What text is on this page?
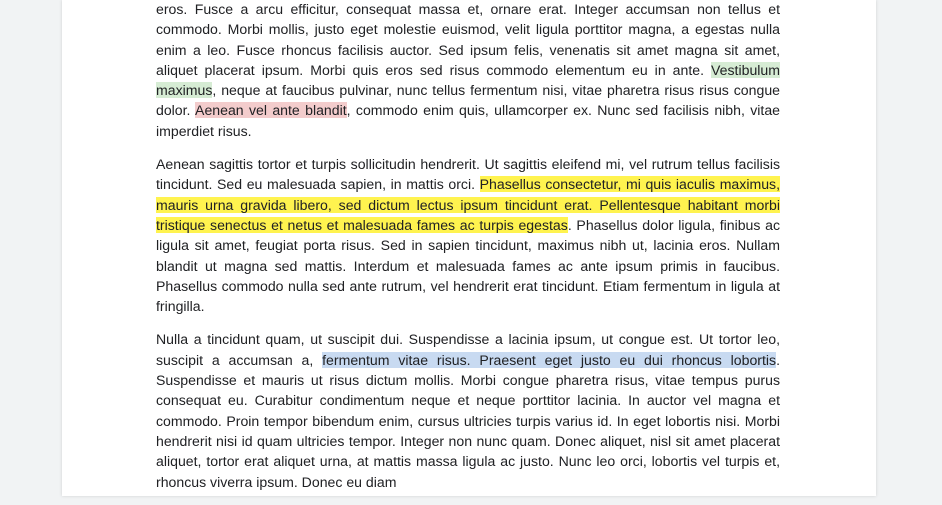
eros. Fusce a arcu efficitur, consequat massa et, ornare erat. Integer accumsan non tellus et commodo. Morbi mollis, justo eget molestie euismod, velit ligula porttitor magna, a egestas nulla enim a leo. Fusce rhoncus facilisis auctor. Sed ipsum felis, venenatis sit amet magna sit amet, aliquet placerat ipsum. Morbi quis eros sed risus commodo elementum eu in ante. Vestibulum maximus, neque at faucibus pulvinar, nunc tellus fermentum nisi, vitae pharetra risus risus congue dolor. Aenean vel ante blandit, commodo enim quis, ullamcorper ex. Nunc sed facilisis nibh, vitae imperdiet risus.

Aenean sagittis tortor et turpis sollicitudin hendrerit. Ut sagittis eleifend mi, vel rutrum tellus facilisis tincidunt. Sed eu malesuada sapien, in mattis orci. Phasellus consectetur, mi quis iaculis maximus, mauris urna gravida libero, sed dictum lectus ipsum tincidunt erat. Pellentesque habitant morbi tristique senectus et netus et malesuada fames ac turpis egestas. Phasellus dolor ligula, finibus ac ligula sit amet, feugiat porta risus. Sed in sapien tincidunt, maximus nibh ut, lacinia eros. Nullam blandit ut magna sed mattis. Interdum et malesuada fames ac ante ipsum primis in faucibus. Phasellus commodo nulla sed ante rutrum, vel hendrerit erat tincidunt. Etiam fermentum in ligula at fringilla.

Nulla a tincidunt quam, ut suscipit dui. Suspendisse a lacinia ipsum, ut congue est. Ut tortor leo, suscipit a accumsan a, fermentum vitae risus. Praesent eget justo eu dui rhoncus lobortis. Suspendisse et mauris ut risus dictum mollis. Morbi congue pharetra risus, vitae tempus purus consequat eu. Curabitur condimentum neque et neque porttitor lacinia. In auctor vel magna et commodo. Proin tempor bibendum enim, cursus ultricies turpis varius id. In eget lobortis nisi. Morbi hendrerit nisi id quam ultricies tempor. Integer non nunc quam. Donec aliquet, nisl sit amet placerat aliquet, tortor erat aliquet urna, at mattis massa ligula ac justo. Nunc leo orci, lobortis vel turpis et, rhoncus viverra ipsum. Donec eu diam
